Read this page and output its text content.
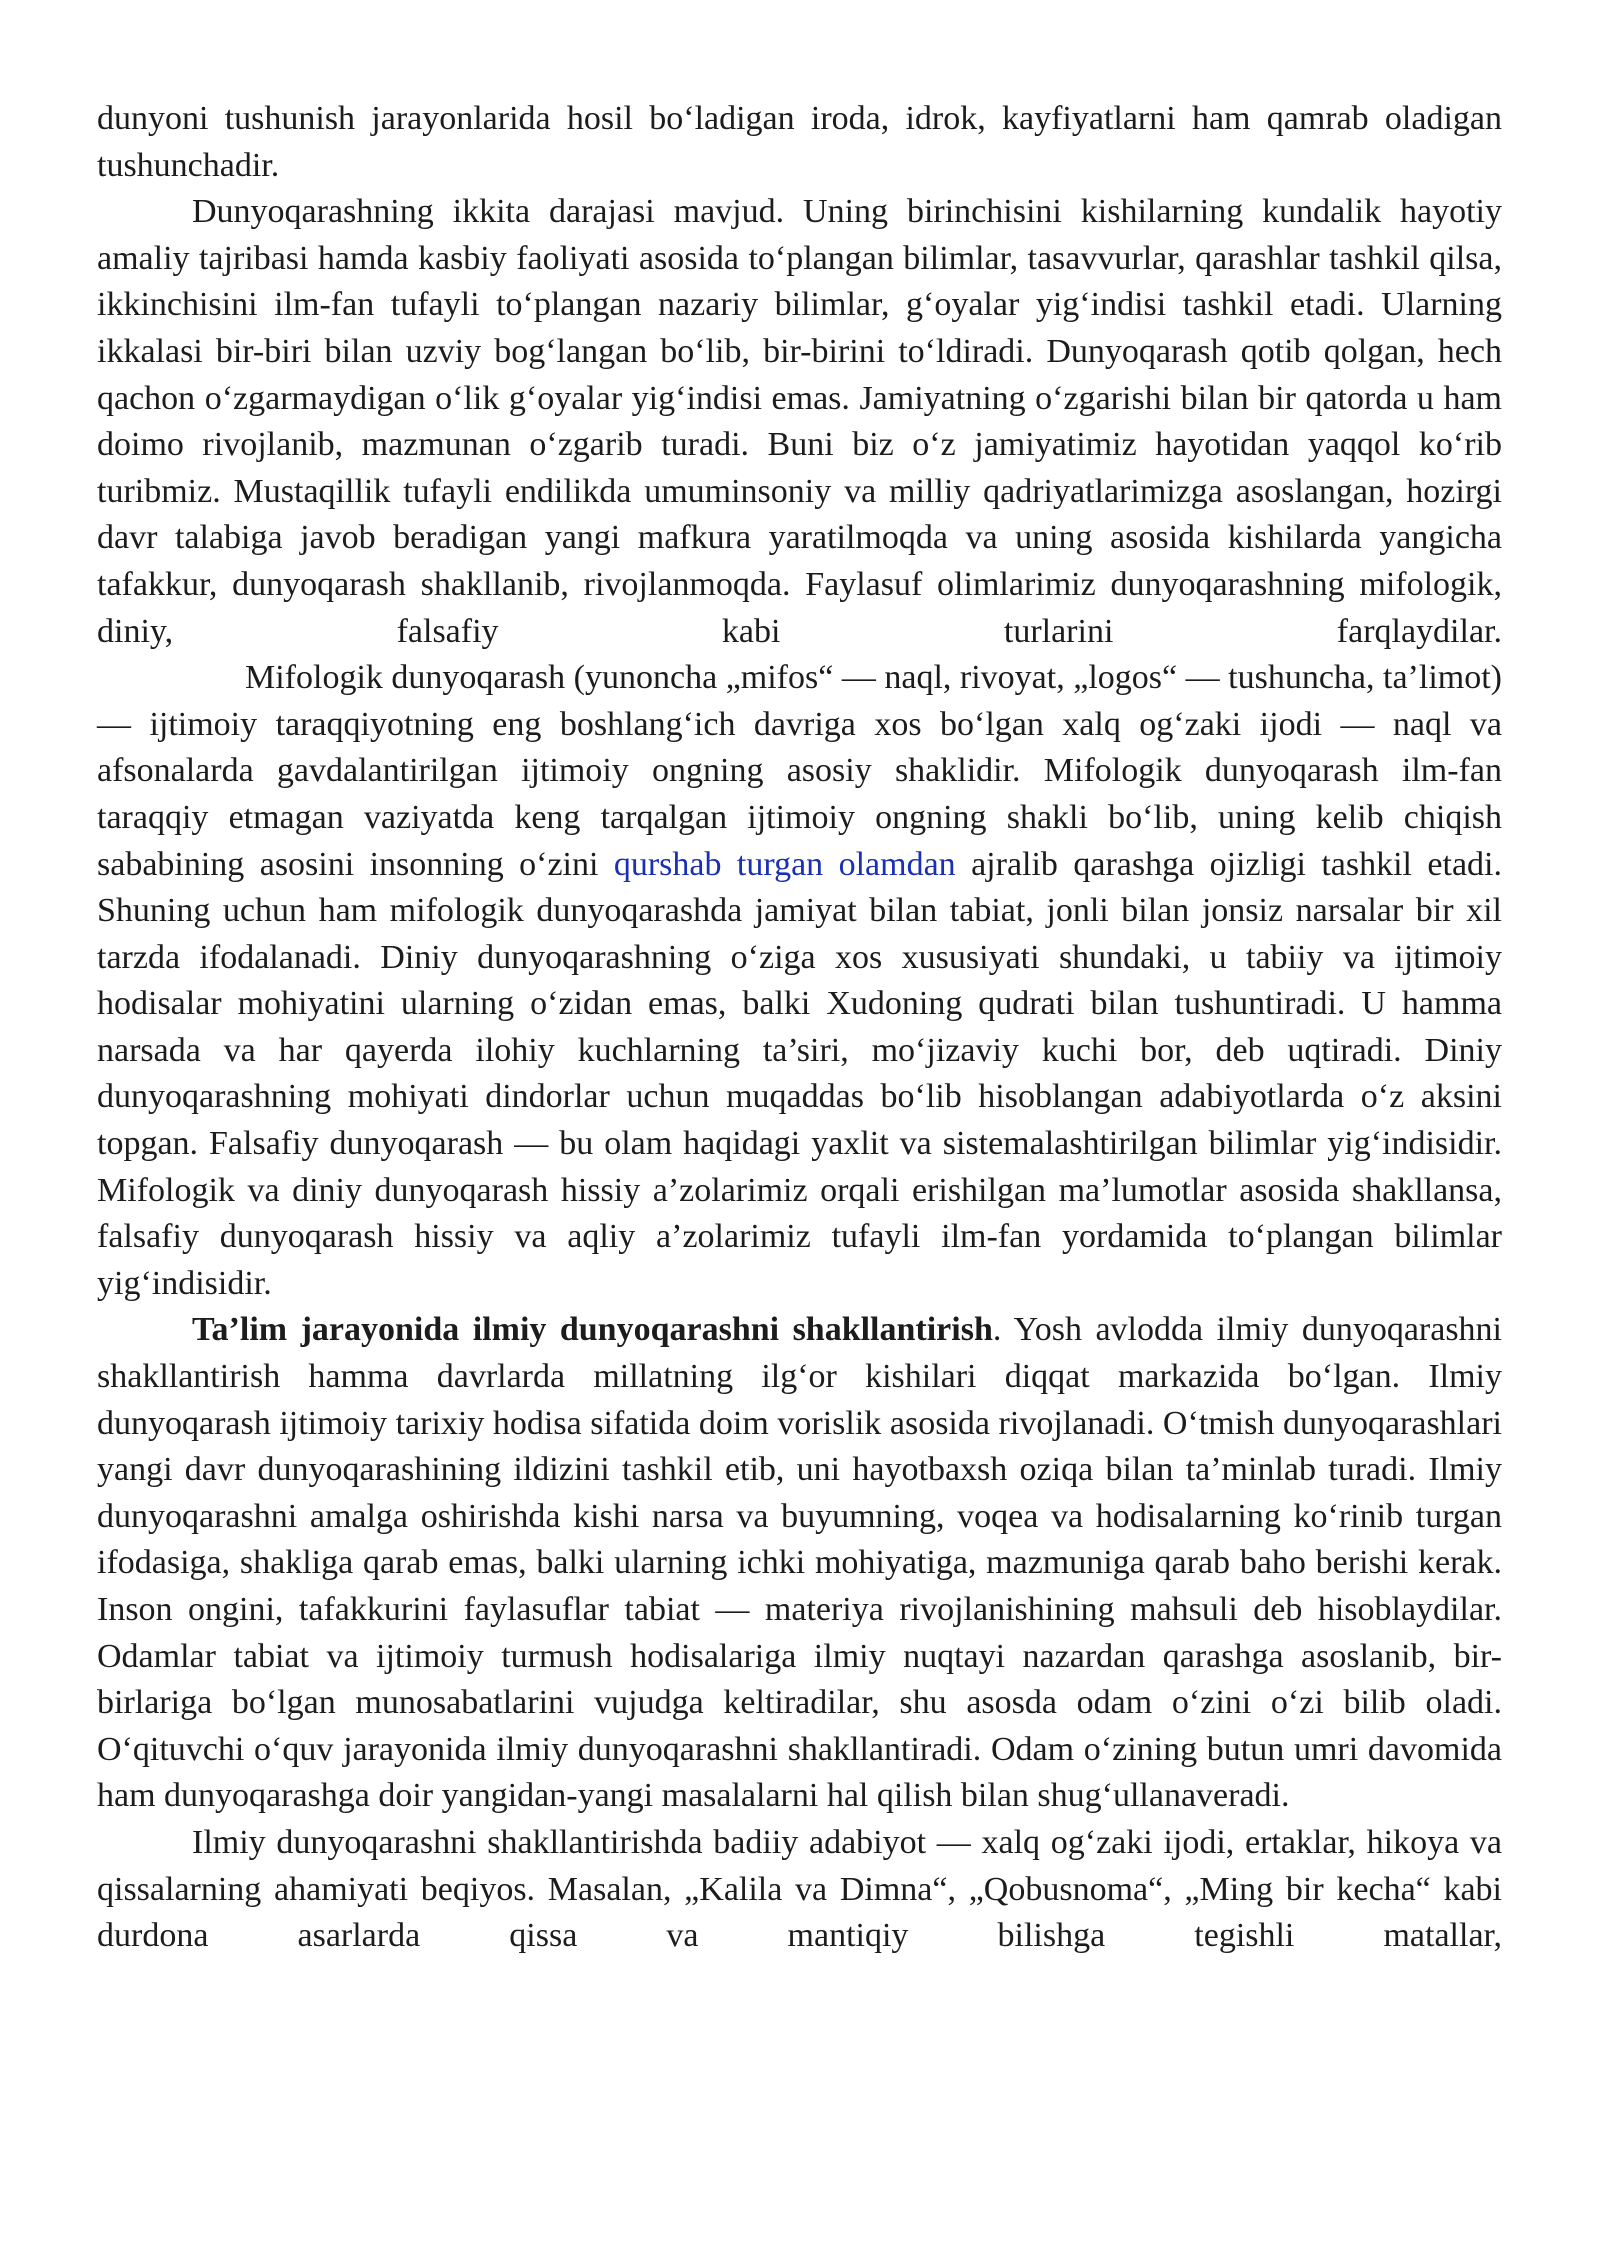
dunyoni tushunish jarayonlarida hosil bo‘ladigan iroda, idrok, kayfiyatlarni ham qamrab oladigan tushunchadir.

Dunyoqarashning ikkita darajasi mavjud. Uning birinchisini kishilarning kundalik hayotiy amaliy tajribasi hamda kasbiy faoliyati asosida to‘plangan bilimlar, tasavvurlar, qarashlar tashkil qilsa, ikkinchisini ilm-fan tufayli to‘plangan nazariy bilimlar, g‘oyalar yig‘indisi tashkil etadi. Ularning ikkalasi bir-biri bilan uzviy bog‘langan bo‘lib, bir-birini to‘ldiradi. Dunyoqarash qotib qolgan, hech qachon o‘zgarmaydigan o‘lik g‘oyalar yig‘indisi emas. Jamiyatning o‘zgarishi bilan bir qatorda u ham doimo rivojlanib, mazmunan o‘zgarib turadi. Buni biz o‘z jamiyatimiz hayotidan yaqqol ko‘rib turibmiz. Mustaqillik tufayli endilikda umuminsoniy va milliy qadriyatlarimizga asoslangan, hozirgi davr talabiga javob beradigan yangi mafkura yaratilmoqda va uning asosida kishilarda yangicha tafakkur, dunyoqarash shakllanib, rivojlanmoqda. Faylasuf olimlarimiz dunyoqarashning mifologik, diniy, falsafiy kabi turlarini farqlaydilar.

Mifologik dunyoqarash (yunoncha „mifos“ — naql, rivoyat, „logos“ — tushuncha, ta’limot) — ijtimoiy taraqqiyotning eng boshlang‘ich davriga xos bo‘lgan xalq og‘zaki ijodi — naql va afsonalarda gavdalantirilgan ijtimoiy ongning asosiy shaklidir. Mifologik dunyoqarash ilm-fan taraqqiy etmagan vaziyatda keng tarqalgan ijtimoiy ongning shakli bo‘lib, uning kelib chiqish sababining asosini insonning o‘zini qurshab turgan olamdan ajralib qarashga ojizligi tashkil etadi. Shuning uchun ham mifologik dunyoqarashda jamiyat bilan tabiat, jonli bilan jonsiz narsalar bir xil tarzda ifodalanadi. Diniy dunyoqarashning o‘ziga xos xususiyati shundaki, u tabiiy va ijtimoiy hodisalar mohiyatini ularning o‘zidan emas, balki Xudoning qudrati bilan tushuntiradi. U hamma narsada va har qayerda ilohiy kuchlarning ta’siri, mo‘jizaviy kuchi bor, deb uqtiradi. Diniy dunyoqarashning mohiyati dindorlar uchun muqaddas bo‘lib hisoblangan adabiyotlarda o‘z aksini topgan. Falsafiy dunyoqarash — bu olam haqidagi yaxlit va sistemalashtirilgan bilimlar yig‘indisidir. Mifologik va diniy dunyoqarash hissiy a’zolarimiz orqali erishilgan ma’lumotlar asosida shakllansa, falsafiy dunyoqarash hissiy va aqliy a’zolarimiz tufayli ilm-fan yordamida to‘plangan bilimlar yig‘indisidir.

Ta’lim jarayonida ilmiy dunyoqarashni shakllantirish. Yosh avlodda ilmiy dunyoqarashni shakllantirish hamma davrlarda millatning ilg‘or kishilari diqqat markazida bo‘lgan. Ilmiy dunyoqarash ijtimoiy tarixiy hodisa sifatida doim vorislik asosida rivojlanadi. O‘tmish dunyoqarashlari yangi davr dunyoqarashining ildizini tashkil etib, uni hayotbaxsh oziqa bilan ta’minlab turadi. Ilmiy dunyoqarashni amalga oshirishda kishi narsa va buyumning, voqea va hodisalarning ko‘rinib turgan ifodasiga, shakliga qarab emas, balki ularning ichki mohiyatiga, mazmuniga qarab baho berishi kerak. Inson ongini, tafakkurini faylasuflar tabiat — materiya rivojlanishining mahsuli deb hisoblaydilar. Odamlar tabiat va ijtimoiy turmush hodisalariga ilmiy nuqtayi nazardan qarashga asoslanib, bir-birlariga bo‘lgan munosabatlarini vujudga keltiradilar, shu asosda odam o‘zini o‘zi bilib oladi. O‘qituvchi o‘quv jarayonida ilmiy dunyoqarashni shakllantiradi. Odam o‘zining butun umri davomida ham dunyoqarashga doir yangidan-yangi masalalarni hal qilish bilan shug‘ullanaveradi.

Ilmiy dunyoqarashni shakllantirishda badiiy adabiyot — xalq og‘zaki ijodi, ertaklar, hikoya va qissalarning ahamiyati beqiyos. Masalan, „Kalila va Dimna“, „Qobusnoma“, „Ming bir kecha“ kabi durdona asarlarda qissa va mantiqiy bilishga tegishli matallar,
